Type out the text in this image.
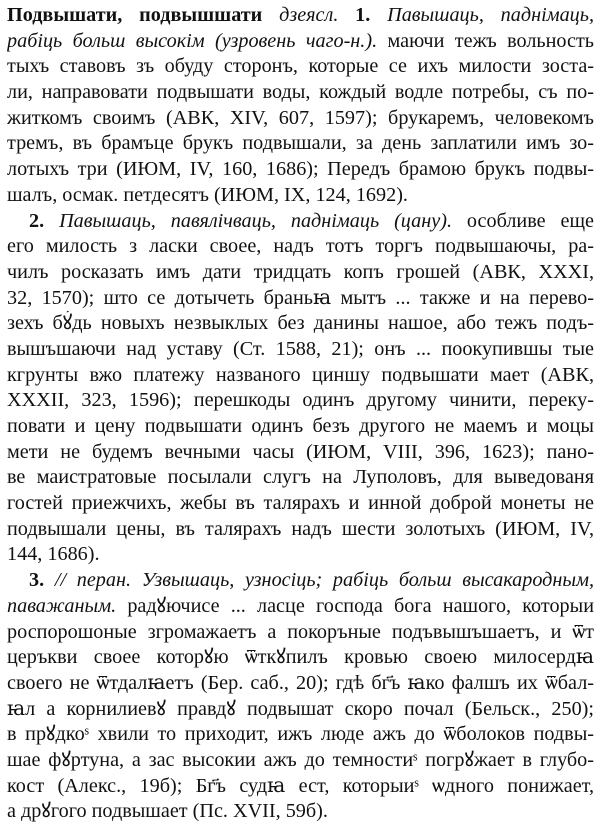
Подвышати, подвышшати дзеясл. 1. Павышаць, паднімаць,
рабіць больш высокім (узровень чаго-н.). маючи тежъ вольность
тыхъ ставовъ зъ обуду сторонъ, которые се ихъ милости зоста-
ли, направовати подвышати воды, кождый водле потребы, съ по-
житкомъ своимъ (АВК, XIV, 607, 1597); брукаремъ, человекомъ
тремъ, въ брамъце брукъ подвышали, за день заплатили имъ зо-
лотыхъ три (ИЮМ, IV, 160, 1686); Передъ брамою брукъ подвы-
шалъ, осмак. петдесятъ (ИЮМ, IX, 124, 1692).
2. Павышаць, павялічваць, паднімаць (цану). особливе еще
его милость з ласки своее, надъ тотъ торгъ подвышаючы, ра-
чилъ росказать имъ дати тридцать копъ грошей (АВК, XXXI,
32, 1570); што се дотычеть браньꙗ мытъ ... также и на перево-
зехъ бꙋ́дь новыхъ незвыклых без данины нашое, або тежъ подъ-
вышъшаючи над уставу (Ст. 1588, 21); онъ ... поокупившы тые
кгрунты вжо платежу названого циншу подвышати мает (АВК,
XXXII, 323, 1596); перешкоды одинъ другому чинити, перекy-
повати и цену подвышати одинъ безъ другого не маемъ и моцы
мети не будемъ вечными часы (ИЮМ, VIII, 396, 1623); пано-
ве маистратовые посылали слугъ на Луполовъ, для выведованя
гостей приежчихъ, жебы въ талярахъ и инной доброй монеты не
подвышали цены, въ талярахъ надъ шести золотыхъ (ИЮМ, IV,
144, 1686).
3. // перан. Узвышаць, узносіць; рабіць больш высакародным,
паважаным. радꙋючисе ... ласце господа бога нашого, которыи
роспорошоные згромажаетъ а покоръные подъвышъшаетъ, и ѿт
церъкви своее которꙋю ѿткꙋпилъ кровью своею милосердꙗ
своего не ѿтдалꙗетъ (Бер. саб., 20); гдѣ бг҃ъ ꙗко фалшъ их ѿбал-
ꙗл а корнилиевꙋ правдꙋ подвышат скоро почал (Бельск., 250);
в прꙋдкоˢ хвили то приходит, ижъ люде ажъ до ѿболоков подвы-
шае фꙋртуна, а зас высокии ажъ до темностиˢ погрꙋжает в глубо-
кост (Алекс., 19б); Бг҃ъ судꙗ ест, которыиˢ ѡдного понижает,
а дрꙋгого подвышает (Пс. XVII, 59б).
